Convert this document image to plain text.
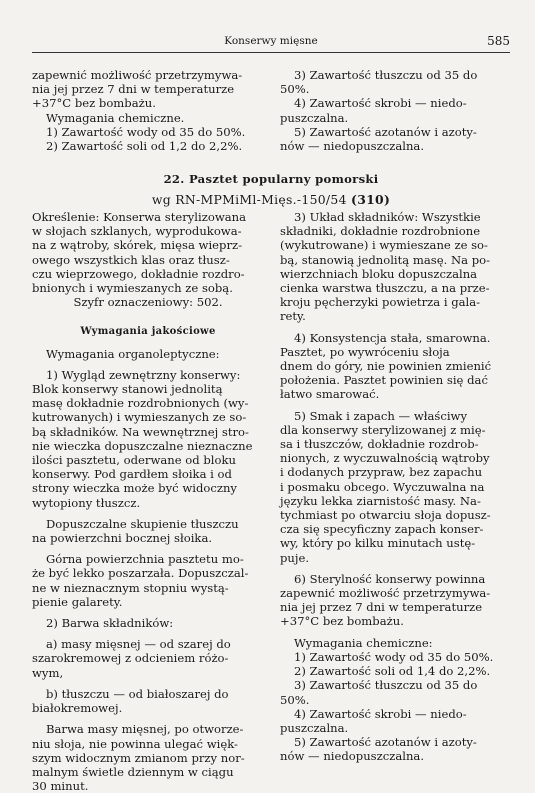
Konserwy mięsne	585

zapewnić możliwość przetrzymywa-

nia jej przez 7 dni w temperaturze

+37°C bez bombażu.

Wymagania chemiczne.

1) Zawartość wody od 35 do 50%.

2) Zawartość soli od 1,2 do 2,2%.

3) Zawartość tłuszczu od 35 do

50%.

4) Zawartość skrobi — niedo-

puszczalna.

5) Zawartość azotanów i azoty-

nów — niedopuszczalna.

22. Pasztet popularny pomorski
wg RN-MPMiMl-Mięs.-150/54 (310)

Określenie: Konserwa sterylizowana

w słojach szklanych, wyprodukowa-

na z wątroby, skórek, mięsa wieprz-

owego wszystkich klas oraz tłusz-

czu wieprzowego, dokładnie rozdro-

bnionych i wymieszanych ze sobą.

Szyfr oznaczeniowy: 502.

Wymagania jakościowe

Wymagania organoleptyczne:

1) Wygląd zewnętrzny konserwy:

Blok konserwy stanowi jednolitą

masę dokładnie rozdrobnionych (wy-

kutrowanych) i wymieszanych ze so-

bą składników. Na wewnętrznej stro-

nie wieczka dopuszczalne nieznaczne

ilości pasztetu, oderwane od bloku

konserwy. Pod gardłem słoika i od

strony wieczka może być widoczny

wytopiony tłuszcz.

Dopuszczalne skupienie tłuszczu

na powierzchni bocznej słoika.

Górna powierzchnia pasztetu mo-

że być lekko poszarzała. Dopuszczal-

ne w nieznacznym stopniu wystą-

pienie galarety.

2) Barwa składników:

a) masy mięsnej — od szarej do

szarokremowej z odcieniem różo-

wym,

b) tłuszczu — od białoszarej do

białokremowej.

Barwa masy mięsnej, po otworze-

niu słoja, nie powinna ulegać więk-

szym widocznym zmianom przy nor-

malnym świetle dziennym w ciągu

30 minut.

3) Układ składników: Wszystkie

składniki, dokładnie rozdrobnione

(wykutrowane) i wymieszane ze so-

bą, stanowią jednolitą masę. Na po-

wierzchniach bloku dopuszczalna

cienka warstwa tłuszczu, a na prze-

kroju pęcherzyki powietrza i gala-

rety.

4) Konsystencja stała, smarowna.

Pasztet, po wywróceniu słoja

dnem do góry, nie powinien zmienić

położenia. Pasztet powinien się dać

łatwo smarować.

5) Smak i zapach — właściwy

dla konserwy sterylizowanej z mię-

sa i tłuszczów, dokładnie rozdrob-

nionych, z wyczuwalnością wątroby

i dodanych przypraw, bez zapachu

i posmaku obcego. Wyczuwalna na

języku lekka ziarnistość masy. Na-

tychmiast po otwarciu słoja dopusz-

cza się specyficzny zapach konser-

wy, który po kilku minutach ustę-

puje.

6) Sterylność konserwy powinna

zapewnić możliwość przetrzymywa-

nia jej przez 7 dni w temperaturze

+37°C bez bombażu.

Wymagania chemiczne:

1) Zawartość wody od 35 do 50%.

2) Zawartość soli od 1,4 do 2,2%.

3) Zawartość tłuszczu od 35 do

50%.

4) Zawartość skrobi — niedo-

puszczalna.

5) Zawartość azotanów i azoty-

nów — niedopuszczalna.
